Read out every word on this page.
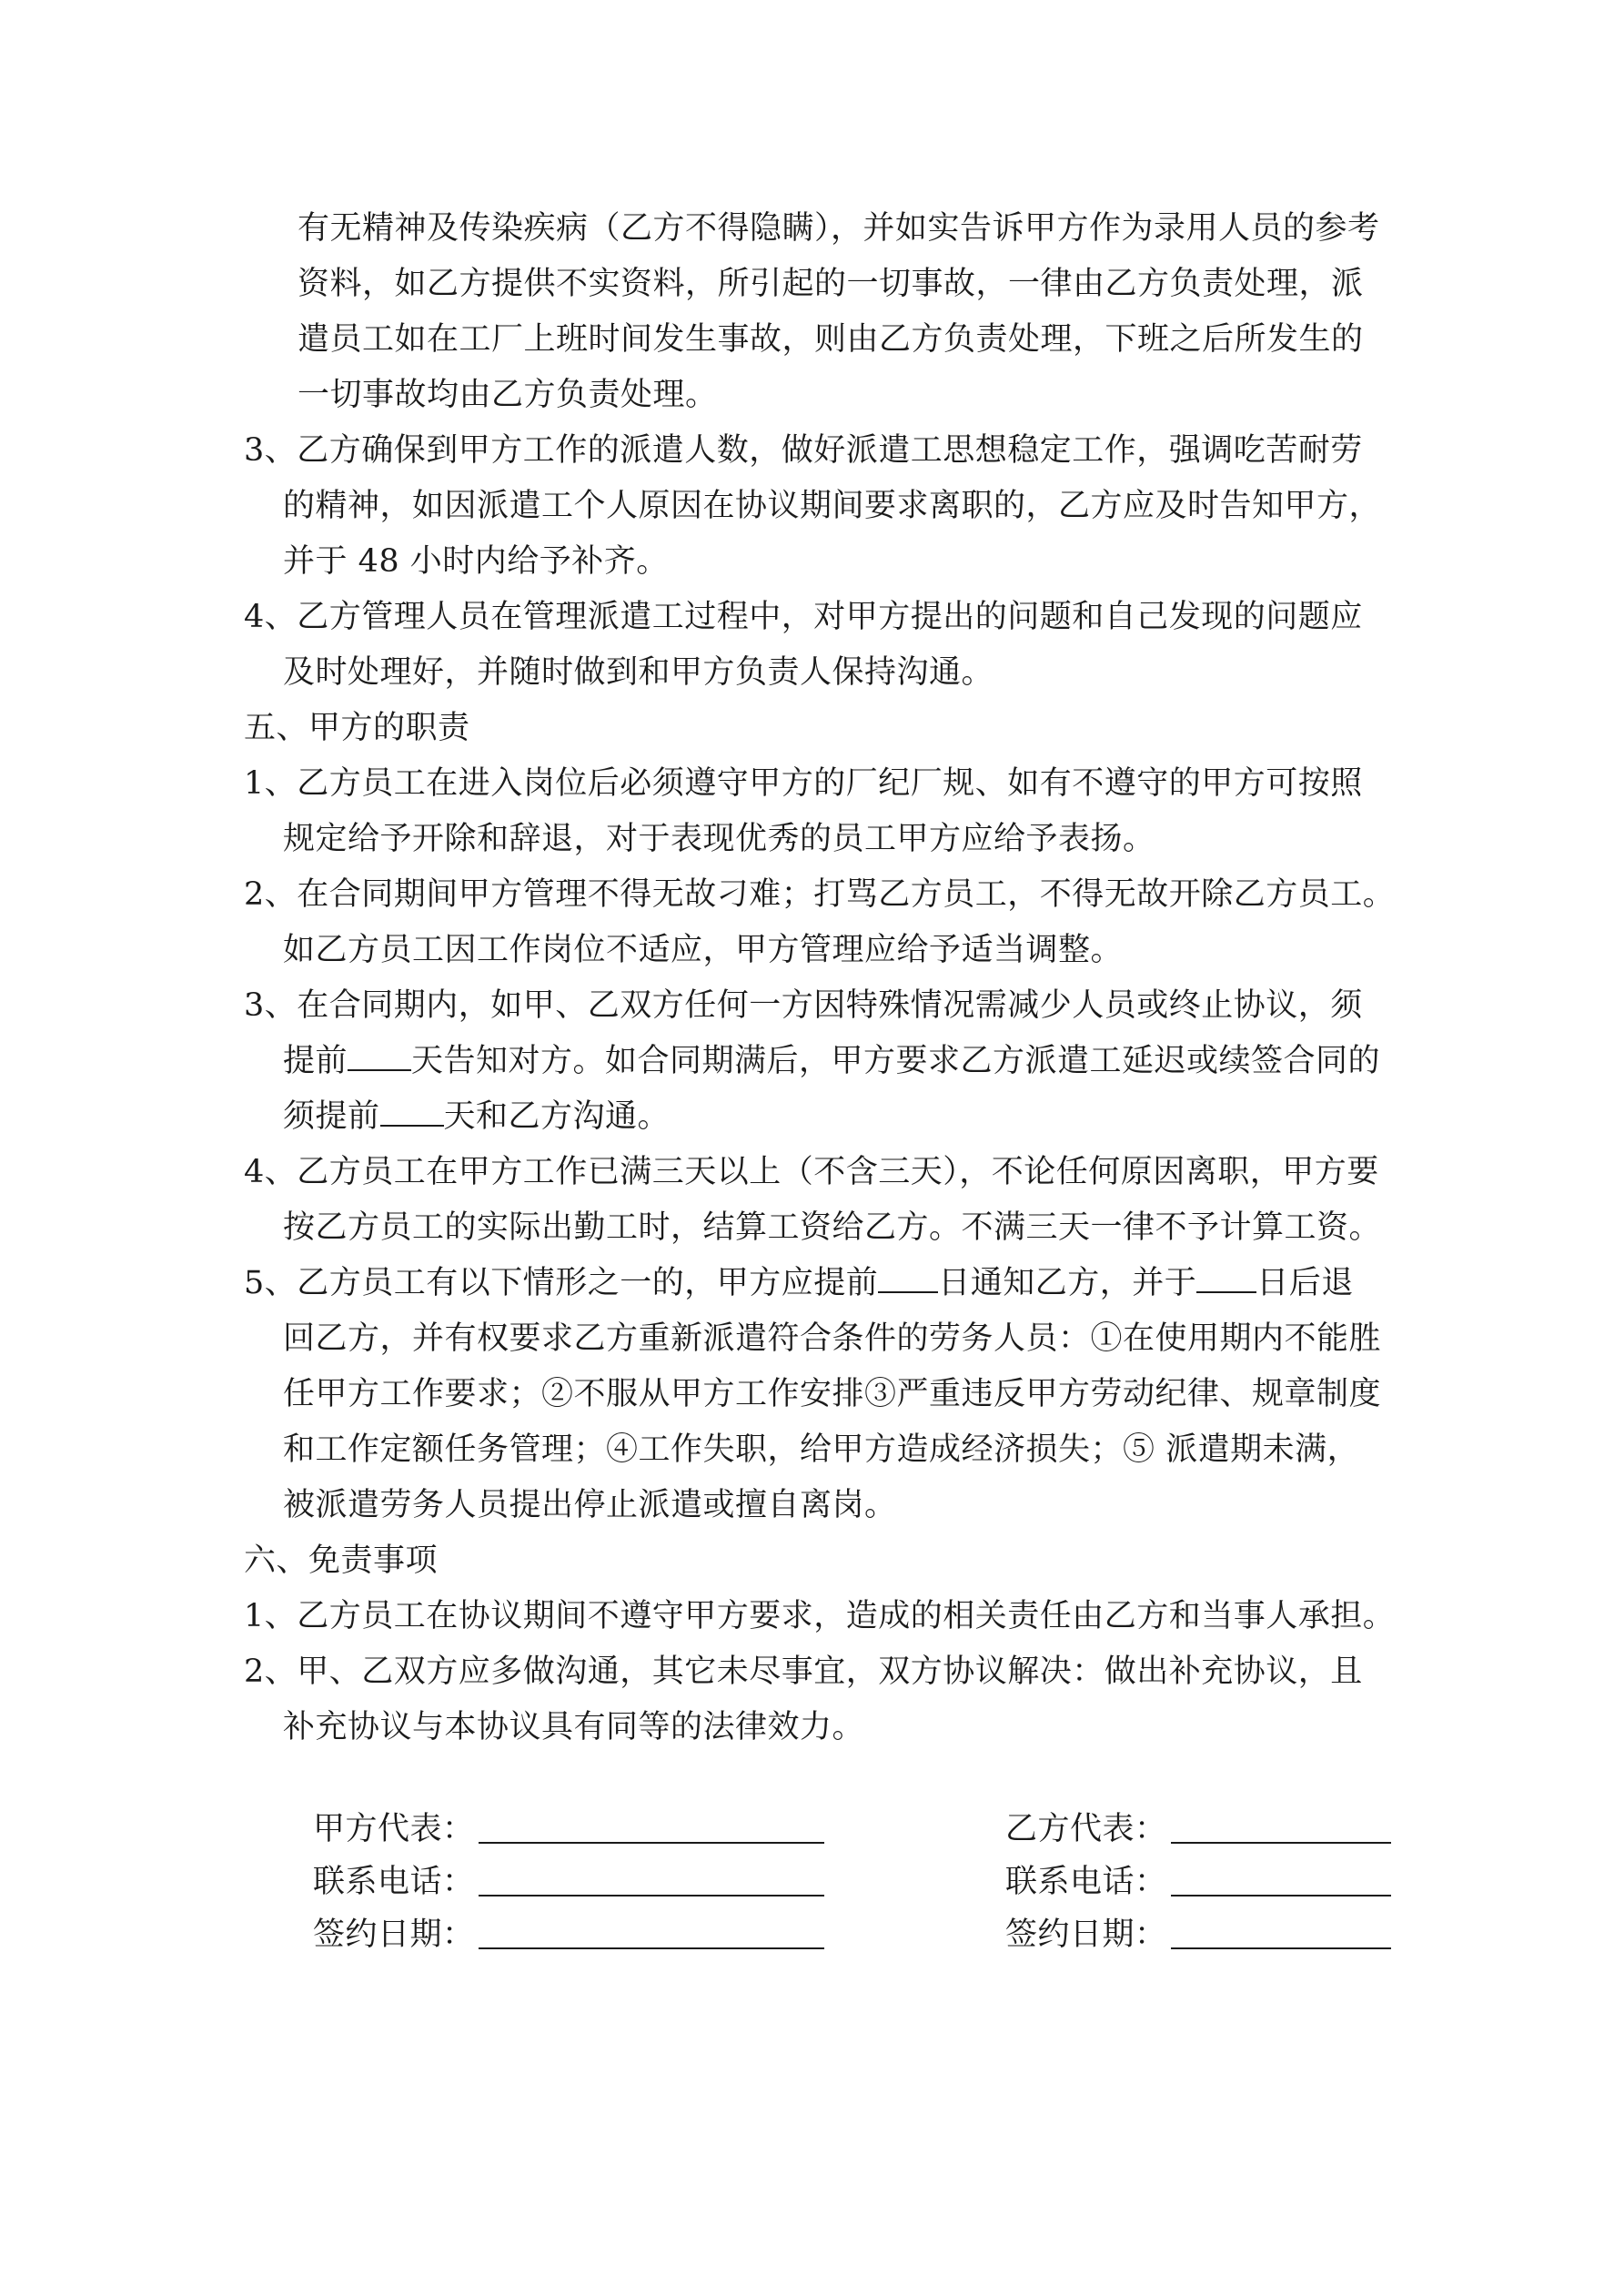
有无精神及传染疾病（乙方不得隐瞒），并如实告诉甲方作为录用人员的参考
资料，如乙方提供不实资料，所引起的一切事故，一律由乙方负责处理，派
遣员工如在工厂上班时间发生事故，则由乙方负责处理，下班之后所发生的
一切事故均由乙方负责处理。
3、乙方确保到甲方工作的派遣人数，做好派遣工思想稳定工作，强调吃苦耐劳
的精神，如因派遣工个人原因在协议期间要求离职的，乙方应及时告知甲方，
并于 48 小时内给予补齐。
4、乙方管理人员在管理派遣工过程中，对甲方提出的问题和自己发现的问题应
及时处理好，并随时做到和甲方负责人保持沟通。
五、甲方的职责
1、乙方员工在进入岗位后必须遵守甲方的厂纪厂规、如有不遵守的甲方可按照
规定给予开除和辞退，对于表现优秀的员工甲方应给予表扬。
2、在合同期间甲方管理不得无故刁难；打骂乙方员工，不得无故开除乙方员工。
如乙方员工因工作岗位不适应，甲方管理应给予适当调整。
3、在合同期内，如甲、乙双方任何一方因特殊情况需减少人员或终止协议，须
提前 天告知对方。如合同期满后，甲方要求乙方派遣工延迟或续签合同的
须提前 天和乙方沟通。
4、乙方员工在甲方工作已满三天以上（不含三天），不论任何原因离职，甲方要
按乙方员工的实际出勤工时，结算工资给乙方。不满三天一律不予计算工资。
5、乙方员工有以下情形之一的，甲方应提前 日通知乙方，并于 日后退
回乙方，并有权要求乙方重新派遣符合条件的劳务人员：①在使用期内不能胜
任甲方工作要求；②不服从甲方工作安排③严重违反甲方劳动纪律、规章制度
和工作定额任务管理；④工作失职，给甲方造成经济损失；⑤ 派遣期未满，
被派遣劳务人员提出停止派遣或擅自离岗。
六、免责事项
1、乙方员工在协议期间不遵守甲方要求，造成的相关责任由乙方和当事人承担。
2、甲、乙双方应多做沟通，其它未尽事宜，双方协议解决：做出补充协议，且
补充协议与本协议具有同等的法律效力。
甲方代表：
联系电话：
签约日期：
乙方代表：
联系电话：
签约日期：
